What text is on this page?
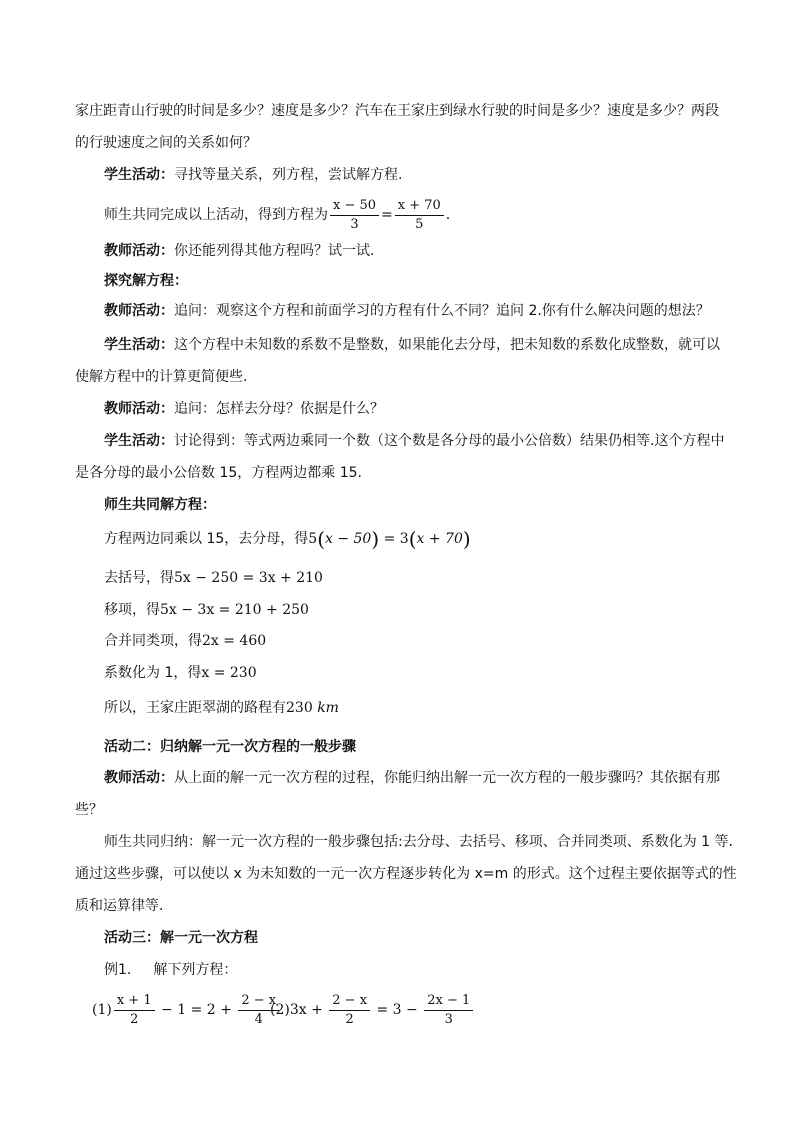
家庄距青山行驶的时间是多少？速度是多少？汽车在王家庄到绿水行驶的时间是多少？速度是多少？两段
的行驶速度之间的关系如何？
学生活动：寻找等量关系，列方程，尝试解方程.
师生共同完成以上活动，得到方程为 $\frac{x - 50}{3} = \frac{x + 70}{5}$ .
教师活动：你还能列得其他方程吗？试一试.
探究解方程：
教师活动：追问：观察这个方程和前面学习的方程有什么不同？追问 2.你有什么解决问题的想法？
学生活动：这个方程中未知数的系数不是整数，如果能化去分母，把未知数的系数化成整数，就可以
使解方程中的计算更简便些.
教师活动：追问：怎样去分母？依据是什么？
学生活动：讨论得到：等式两边乘同一个数（这个数是各分母的最小公倍数）结果仍相等.这个方程中
是各分母的最小公倍数 15，方程两边都乘 15.
师生共同解方程：
方程两边同乘以 15，去分母，得5(x − 50) = 3(x + 70)
去括号，得5x − 250 = 3x + 210
移项，得5x − 3x = 210 + 250
合并同类项，得2x = 460
系数化为 1，得x = 230
所以，王家庄距翠湖的路程有230 km
活动二：归纳解一元一次方程的一般步骤
教师活动：从上面的解一元一次方程的过程，你能归纳出解一元一次方程的一般步骤吗？其依据有那
些？
师生共同归纳：解一元一次方程的一般步骤包括:去分母、去括号、移项、合并同类项、系数化为 1 等.
通过这些步骤，可以使以 x 为未知数的一元一次方程逐步转化为 x=m 的形式。这个过程主要依据等式的性
质和运算律等.
活动三：解一元一次方程
例1. 解下列方程：
$(1) \frac{x + 1}{2} - 1 = 2 + \frac{2 - x}{4}$
$(2)3x + \frac{2 - x}{2} = 3 - \frac{2x - 1}{3}$
